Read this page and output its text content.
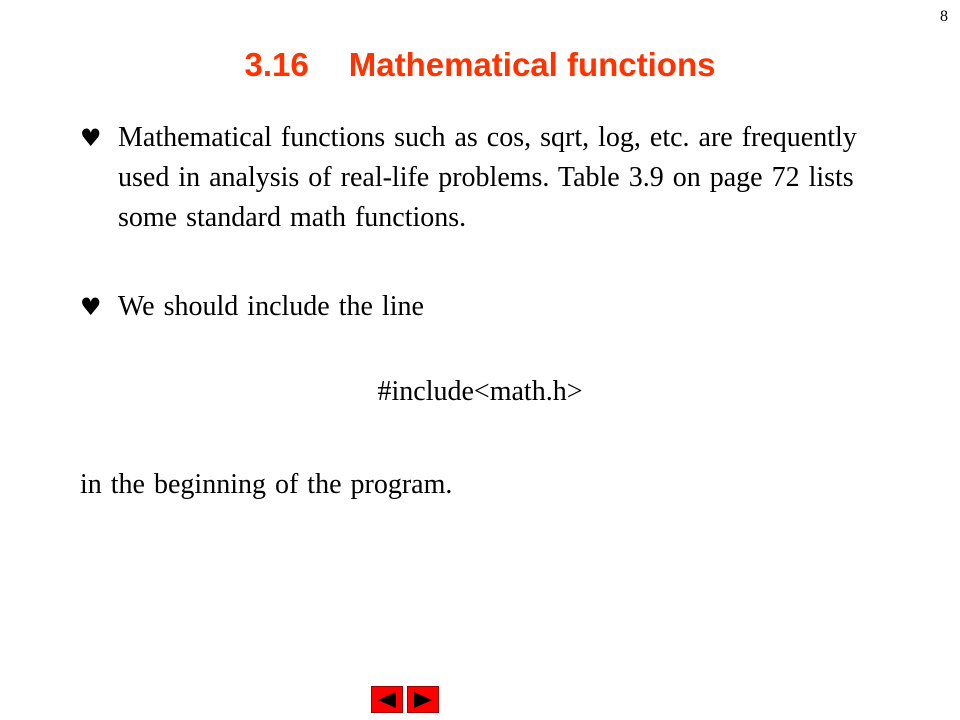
8
3.16 Mathematical functions
♥ Mathematical functions such as cos, sqrt, log, etc. are frequently used in analysis of real-life problems. Table 3.9 on page 72 lists some standard math functions.
♥ We should include the line
#include<math.h>
in the beginning of the program.
